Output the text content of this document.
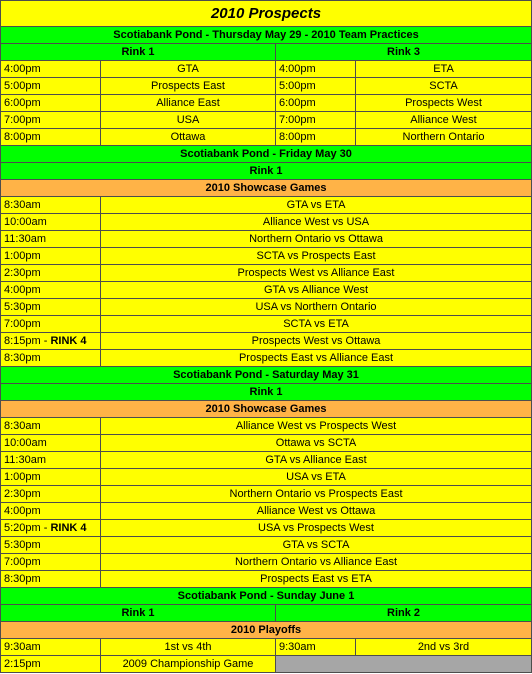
2010 Prospects			
Scotiabank Pond - Thursday May 29 - 2010 Team Practices			
Rink 1		Rink 3	
4:00pm	GTA	4:00pm	ETA
5:00pm	Prospects East	5:00pm	SCTA
6:00pm	Alliance East	6:00pm	Prospects West
7:00pm	USA	7:00pm	Alliance West
8:00pm	Ottawa	8:00pm	Northern Ontario
Scotiabank Pond - Friday May 30			
Rink 1			
2010 Showcase Games			
8:30am	GTA vs ETA		
10:00am	Alliance West vs USA		
11:30am	Northern Ontario vs Ottawa		
1:00pm	SCTA vs Prospects East		
2:30pm	Prospects West vs Alliance East		
4:00pm	GTA vs Alliance West		
5:30pm	USA vs Northern Ontario		
7:00pm	SCTA vs ETA		
8:15pm - RINK 4	Prospects West vs Ottawa		
8:30pm	Prospects East vs Alliance East		
Scotiabank Pond - Saturday May 31			
Rink 1			
2010 Showcase Games			
8:30am	Alliance West vs Prospects West		
10:00am	Ottawa vs SCTA		
11:30am	GTA vs Alliance East		
1:00pm	USA vs ETA		
2:30pm	Northern Ontario vs Prospects East		
4:00pm	Alliance West vs Ottawa		
5:20pm - RINK 4	USA vs Prospects West		
5:30pm	GTA vs SCTA		
7:00pm	Northern Ontario vs Alliance East		
8:30pm	Prospects East vs ETA		
Scotiabank Pond - Sunday June 1			
Rink 1		Rink 2	
2010 Playoffs			
9:30am	1st vs 4th	9:30am	2nd vs 3rd
2:15pm	2009 Championship Game		
